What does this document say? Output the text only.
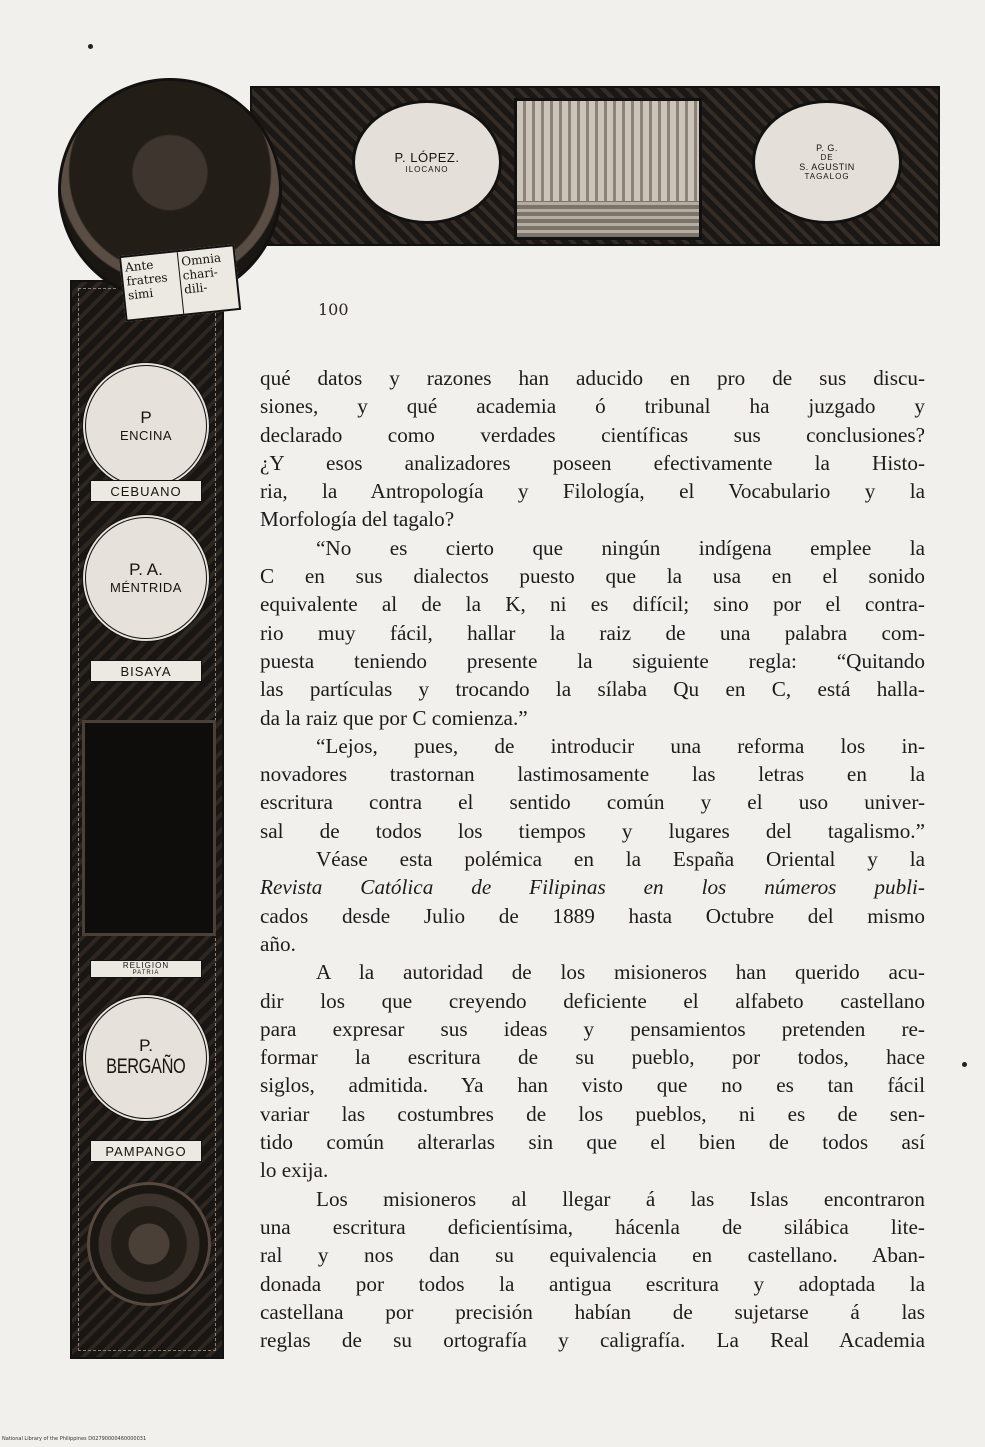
P. LÓPEZ.
ILOCANO
P. G.
DE
S. AGUSTIN
TAGALOG
P
ENCINA
CEBUANO
P. A.
MÉNTRIDA
BISAYA
RELIGION
PATRIA
P.
BERGAÑO
PAMPANGO
Ante
fratres
simi
Omnia
chari-
dili-
100
qué datos y razones han aducido en pro de sus discu-
siones, y qué academia ó tribunal ha juzgado y
declarado como verdades científicas sus conclusiones?
¿Y esos analizadores poseen efectivamente la Histo-
ria, la Antropología y Filología, el Vocabulario y la
Morfología del tagalo?
“No es cierto que ningún indígena emplee la
C en sus dialectos puesto que la usa en el sonido
equivalente al de la K, ni es difícil; sino por el contra-
rio muy fácil, hallar la raiz de una palabra com-
puesta teniendo presente la siguiente regla: “Quitando
las partículas y trocando la sílaba Qu en C, está halla-
da la raiz que por C comienza.”
“Lejos, pues, de introducir una reforma los in-
novadores trastornan lastimosamente las letras en la
escritura contra el sentido común y el uso univer-
sal de todos los tiempos y lugares del tagalismo.”
Véase esta polémica en la España Oriental y la
Revista Católica de Filipinas en los números publi-
cados desde Julio de 1889 hasta Octubre del mismo
año.
A la autoridad de los misioneros han querido acu-
dir los que creyendo deficiente el alfabeto castellano
para expresar sus ideas y pensamientos pretenden re-
formar la escritura de su pueblo, por todos, hace
siglos, admitida. Ya han visto que no es tan fácil
variar las costumbres de los pueblos, ni es de sen-
tido común alterarlas sin que el bien de todos así
lo exija.
Los misioneros al llegar á las Islas encontraron
una escritura deficientísima, hácenla de silábica lite-
ral y nos dan su equivalencia en castellano. Aban-
donada por todos la antigua escritura y adoptada la
castellana por precisión habían de sujetarse á las
reglas de su ortografía y caligrafía. La Real Academia
National Library of the Philippines D02790000460000031
